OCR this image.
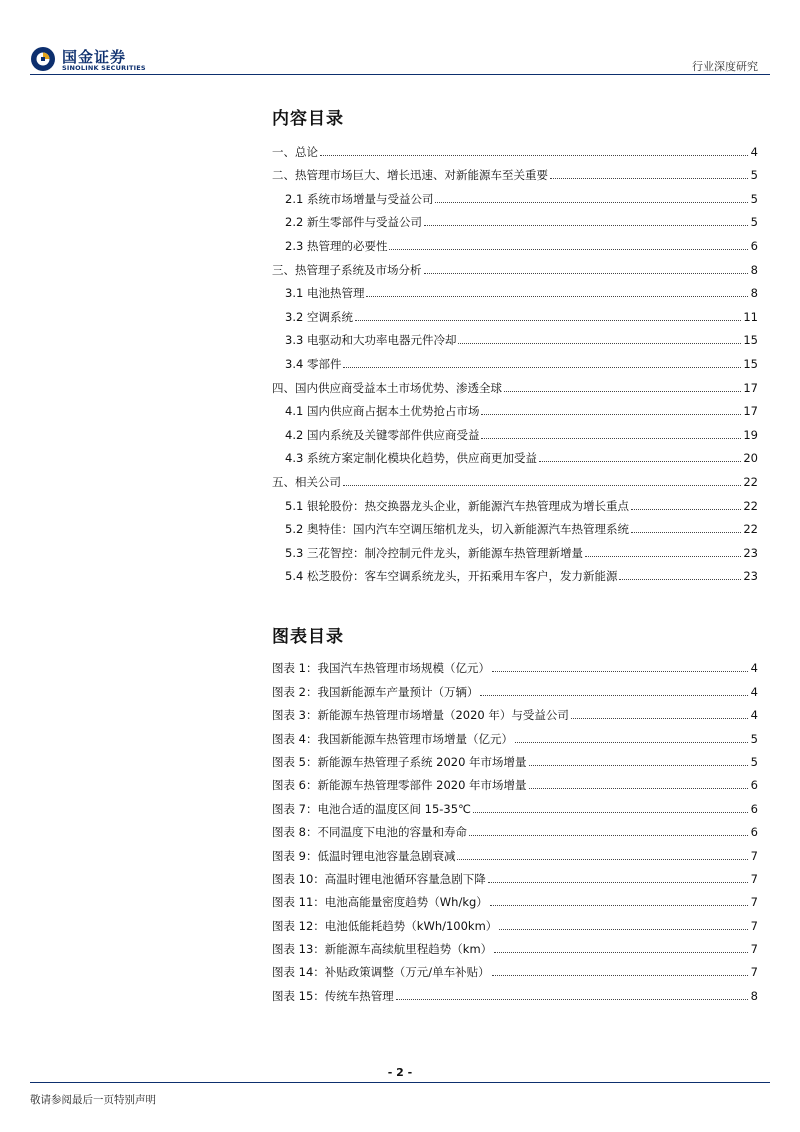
国金证券
SINOLINK SECURITIES	行业深度研究
内容目录
一、总论	4
二、热管理市场巨大、增长迅速、对新能源车至关重要	5
2.1 系统市场增量与受益公司	5
2.2 新生零部件与受益公司	5
2.3 热管理的必要性	6
三、热管理子系统及市场分析	8
3.1 电池热管理	8
3.2 空调系统	11
3.3 电驱动和大功率电器元件冷却	15
3.4 零部件	15
四、国内供应商受益本土市场优势、渗透全球	17
4.1 国内供应商占据本土优势抢占市场	17
4.2 国内系统及关键零部件供应商受益	19
4.3 系统方案定制化模块化趋势，供应商更加受益	20
五、相关公司	22
5.1 银轮股份：热交换器龙头企业，新能源汽车热管理成为增长重点	22
5.2 奥特佳：国内汽车空调压缩机龙头，切入新能源汽车热管理系统	22
5.3 三花智控：制冷控制元件龙头，新能源车热管理新增量	23
5.4 松芝股份：客车空调系统龙头，开拓乘用车客户，发力新能源	23
图表目录
图表 1：我国汽车热管理市场规模（亿元）	4
图表 2：我国新能源车产量预计（万辆）	4
图表 3：新能源车热管理市场增量（2020 年）与受益公司	4
图表 4：我国新能源车热管理市场增量（亿元）	5
图表 5：新能源车热管理子系统 2020 年市场增量	5
图表 6：新能源车热管理零部件 2020 年市场增量	6
图表 7：电池合适的温度区间 15-35℃	6
图表 8：不同温度下电池的容量和寿命	6
图表 9：低温时锂电池容量急剧衰减	7
图表 10：高温时锂电池循环容量急剧下降	7
图表 11：电池高能量密度趋势（Wh/kg）	7
图表 12：电池低能耗趋势（kWh/100km）	7
图表 13：新能源车高续航里程趋势（km）	7
图表 14：补贴政策调整（万元/单车补贴）	7
图表 15：传统车热管理	8
- 2 -
敬请参阅最后一页特别声明
